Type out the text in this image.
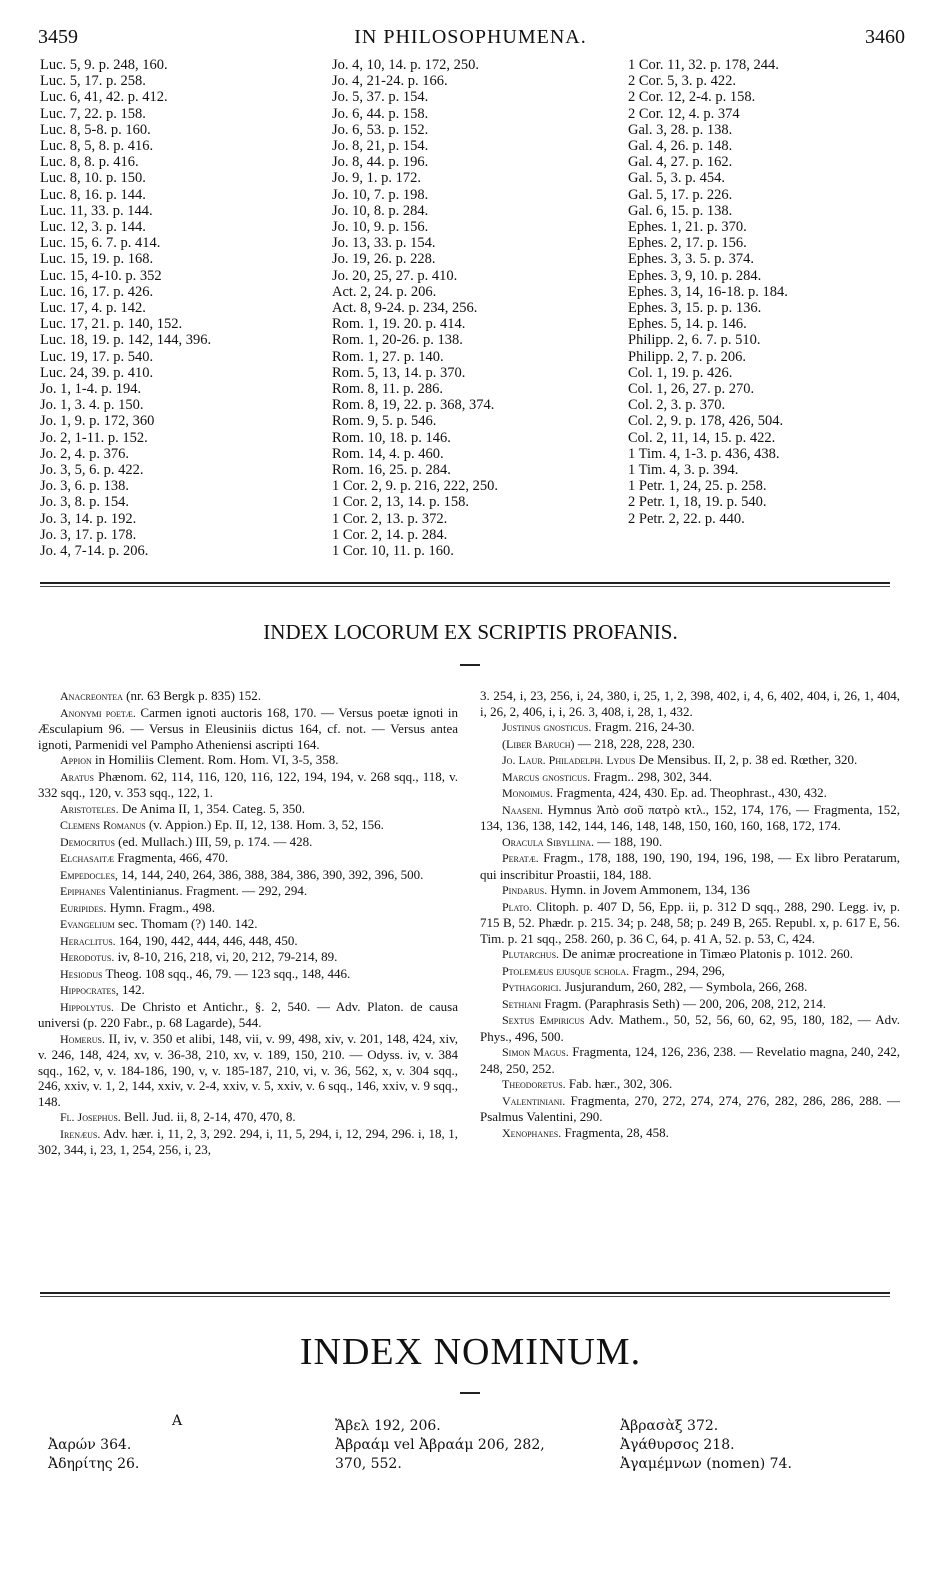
3459	IN PHILOSOPHUMENA.	3460
Luc. 5, 9. p. 248, 160.
Luc. 5, 17. p. 258.
Luc. 6, 41, 42. p. 412.
Luc. 7, 22. p. 158.
Luc. 8, 5-8. p. 160.
Luc. 8, 5, 8. p. 416.
Luc. 8, 8. p. 416.
Luc. 8, 10. p. 150.
Luc. 8, 16. p. 144.
Luc. 11, 33. p. 144.
Luc. 12, 3. p. 144.
Luc. 15, 6. 7. p. 414.
Luc. 15, 19. p. 168.
Luc. 15, 4-10. p. 352
Luc. 16, 17. p. 426.
Luc. 17, 4. p. 142.
Luc. 17, 21. p. 140, 152.
Luc. 18, 19. p. 142, 144, 396.
Luc. 19, 17. p. 540.
Luc. 24, 39. p. 410.
Jo. 1, 1-4. p. 194.
Jo. 1, 3. 4. p. 150.
Jo. 1, 9. p. 172, 360
Jo. 2, 1-11. p. 152.
Jo. 2, 4. p. 376.
Jo. 3, 5, 6. p. 422.
Jo. 3, 6. p. 138.
Jo. 3, 8. p. 154.
Jo. 3, 14. p. 192.
Jo. 3, 17. p. 178.
Jo. 4, 7-14. p. 206.
Jo. 4, 10, 14. p. 172, 250.
Jo. 4, 21-24. p. 166.
Jo. 5, 37. p. 154.
Jo. 6, 44. p. 158.
Jo. 6, 53. p. 152.
Jo. 8, 21, p. 154.
Jo. 8, 44. p. 196.
Jo. 9, 1. p. 172.
Jo. 10, 7. p. 198.
Jo. 10, 8. p. 284.
Jo. 10, 9. p. 156.
Jo. 13, 33. p. 154.
Jo. 19, 26. p. 228.
Jo. 20, 25, 27. p. 410.
Act. 2, 24. p. 206.
Act. 8, 9-24. p. 234, 256.
Rom. 1, 19. 20. p. 414.
Rom. 1, 20-26. p. 138.
Rom. 1, 27. p. 140.
Rom. 5, 13, 14. p. 370.
Rom. 8, 11. p. 286.
Rom. 8, 19, 22. p. 368, 374.
Rom. 9, 5. p. 546.
Rom. 10, 18. p. 146.
Rom. 14, 4. p. 460.
Rom. 16, 25. p. 284.
1 Cor. 2, 9. p. 216, 222, 250.
1 Cor. 2, 13, 14. p. 158.
1 Cor. 2, 13. p. 372.
1 Cor. 2, 14. p. 284.
1 Cor. 10, 11. p. 160.
1 Cor. 11, 32. p. 178, 244.
2 Cor. 5, 3. p. 422.
2 Cor. 12, 2-4. p. 158.
2 Cor. 12, 4. p. 374
Gal. 3, 28. p. 138.
Gal. 4, 26. p. 148.
Gal. 4, 27. p. 162.
Gal. 5, 3. p. 454.
Gal. 5, 17. p. 226.
Gal. 6, 15. p. 138.
Ephes. 1, 21. p. 370.
Ephes. 2, 17. p. 156.
Ephes. 3, 3. 5. p. 374.
Ephes. 3, 9, 10. p. 284.
Ephes. 3, 14, 16-18. p. 184.
Ephes. 3, 15. p. p. 136.
Ephes. 5, 14. p. 146.
Philipp. 2, 6. 7. p. 510.
Philipp. 2, 7. p. 206.
Col. 1, 19. p. 426.
Col. 1, 26, 27. p. 270.
Col. 2, 3. p. 370.
Col. 2, 9. p. 178, 426, 504.
Col. 2, 11, 14, 15. p. 422.
1 Tim. 4, 1-3. p. 436, 438.
1 Tim. 4, 3. p. 394.
1 Petr. 1, 24, 25. p. 258.
2 Petr. 1, 18, 19. p. 540.
2 Petr. 2, 22. p. 440.
INDEX LOCORUM EX SCRIPTIS PROFANIS.

Anacreontea (nr. 63 Bergk p. 835) 152.

Anonymi poetæ. Carmen ignoti auctoris 168, 170. — Versus poetæ ignoti in Æsculapium 96. — Versus in Eleusiniis dictus 164, cf. not. — Versus antea ignoti, Parmenidi vel Pampho Atheniensi ascripti 164.

Appion in Homiliis Clement. Rom. Hom. VI, 3-5, 358.

Aratus Phænom. 62, 114, 116, 120, 116, 122, 194, 194, v. 268 sqq., 118, v. 332 sqq., 120, v. 353 sqq., 122, 1.

Aristoteles. De Anima II, 1, 354. Categ. 5, 350.

Clemens Romanus (v. Appion.) Ep. II, 12, 138. Hom. 3, 52, 156.

Democritus (ed. Mullach.) III, 59, p. 174. — 428.

Elchasaitæ Fragmenta, 466, 470.

Empedocles, 14, 144, 240, 264, 386, 388, 384, 386, 390, 392, 396, 500.

Epiphanes Valentinianus. Fragment. — 292, 294.

Euripides. Hymn. Fragm., 498.

Evangelium sec. Thomam (?) 140. 142.

Heraclitus. 164, 190, 442, 444, 446, 448, 450.

Herodotus. iv, 8-10, 216, 218, vi, 20, 212, 79-214, 89.

Hesiodus Theog. 108 sqq., 46, 79. — 123 sqq., 148, 446.

Hippocrates, 142.

Hippolytus. De Christo et Antichr., §. 2, 540. — Adv. Platon. de causa universi (p. 220 Fabr., p. 68 Lagarde), 544.

Homerus. II, iv, v. 350 et alibi, 148, vii, v. 99, 498, xiv, v. 201, 148, 424, xiv, v. 246, 148, 424, xv, v. 36-38, 210, xv, v. 189, 150, 210. — Odyss. iv, v. 384 sqq., 162, v, v. 184-186, 190, v, v. 185-187, 210, vi, v. 36, 562, x, v. 304 sqq., 246, xxiv, v. 1, 2, 144, xxiv, v. 2-4, xxiv, v. 5, xxiv, v. 6 sqq., 146, xxiv, v. 9 sqq., 148.

Fl. Josephus. Bell. Jud. ii, 8, 2-14, 470, 470, 8.

Irenæus. Adv. hær. i, 11, 2, 3, 292. 294, i, 11, 5, 294, i, 12, 294, 296. i, 18, 1, 302, 344, i, 23, 1, 254, 256, i, 23,

3. 254, i, 23, 256, i, 24, 380, i, 25, 1, 2, 398, 402, i, 4, 6, 402, 404, i, 26, 1, 404, i, 26, 2, 406, i, i, 26. 3, 408, i, 28, 1, 432.

Justinus gnosticus. Fragm. 216, 24-30.

(Liber Baruch) — 218, 228, 228, 230.

Jo. Laur. Philadelph. Lydus De Mensibus. II, 2, p. 38 ed. Rœther, 320.

Marcus gnosticus. Fragm.. 298, 302, 344.

Monoimus. Fragmenta, 424, 430. Ep. ad. Theophrast., 430, 432.

Naaseni. Hymnus Ἀπὸ σοῦ πατρὸ κτλ., 152, 174, 176, — Fragmenta, 152, 134, 136, 138, 142, 144, 146, 148, 148, 150, 160, 160, 168, 172, 174.

Oracula Sibyllina. — 188, 190.

Peratæ. Fragm., 178, 188, 190, 190, 194, 196, 198, — Ex libro Peratarum, qui inscribitur Proastii, 184, 188.

Pindarus. Hymn. in Jovem Ammonem, 134, 136

Plato. Clitoph. p. 407 D, 56, Epp. ii, p. 312 D sqq., 288, 290. Legg. iv, p. 715 B, 52. Phædr. p. 215. 34; p. 248, 58; p. 249 B, 265. Republ. x, p. 617 E, 56. Tim. p. 21 sqq., 258. 260, p. 36 C, 64, p. 41 A, 52. p. 53, C, 424.

Plutarchus. De animæ procreatione in Timæo Platonis p. 1012. 260.

Ptolemæus ejusque schola. Fragm., 294, 296,

Pythagorici. Jusjurandum, 260, 282, — Symbola, 266, 268.

Sethiani Fragm. (Paraphrasis Seth) — 200, 206, 208, 212, 214.

Sextus Empiricus Adv. Mathem., 50, 52, 56, 60, 62, 95, 180, 182, — Adv. Phys., 496, 500.

Simon Magus. Fragmenta, 124, 126, 236, 238. — Revelatio magna, 240, 242, 248, 250, 252.

Theodoretus. Fab. hær., 302, 306.

Valentiniani. Fragmenta, 270, 272, 274, 274, 276, 282, 286, 286, 288. — Psalmus Valentini, 290.

Xenophanes. Fragmenta, 28, 458.

INDEX NOMINUM.
A
Ἀαρών 364.
Ἀδηρίτης 26.
Ἄβελ 192, 206.
Ἀβραάμ vel Ἀβραάμ 206, 282,
370, 552.
Ἀβρασὰξ 372.
Ἀγάθυρσος 218.
Ἀγαμέμνων (nomen) 74.
